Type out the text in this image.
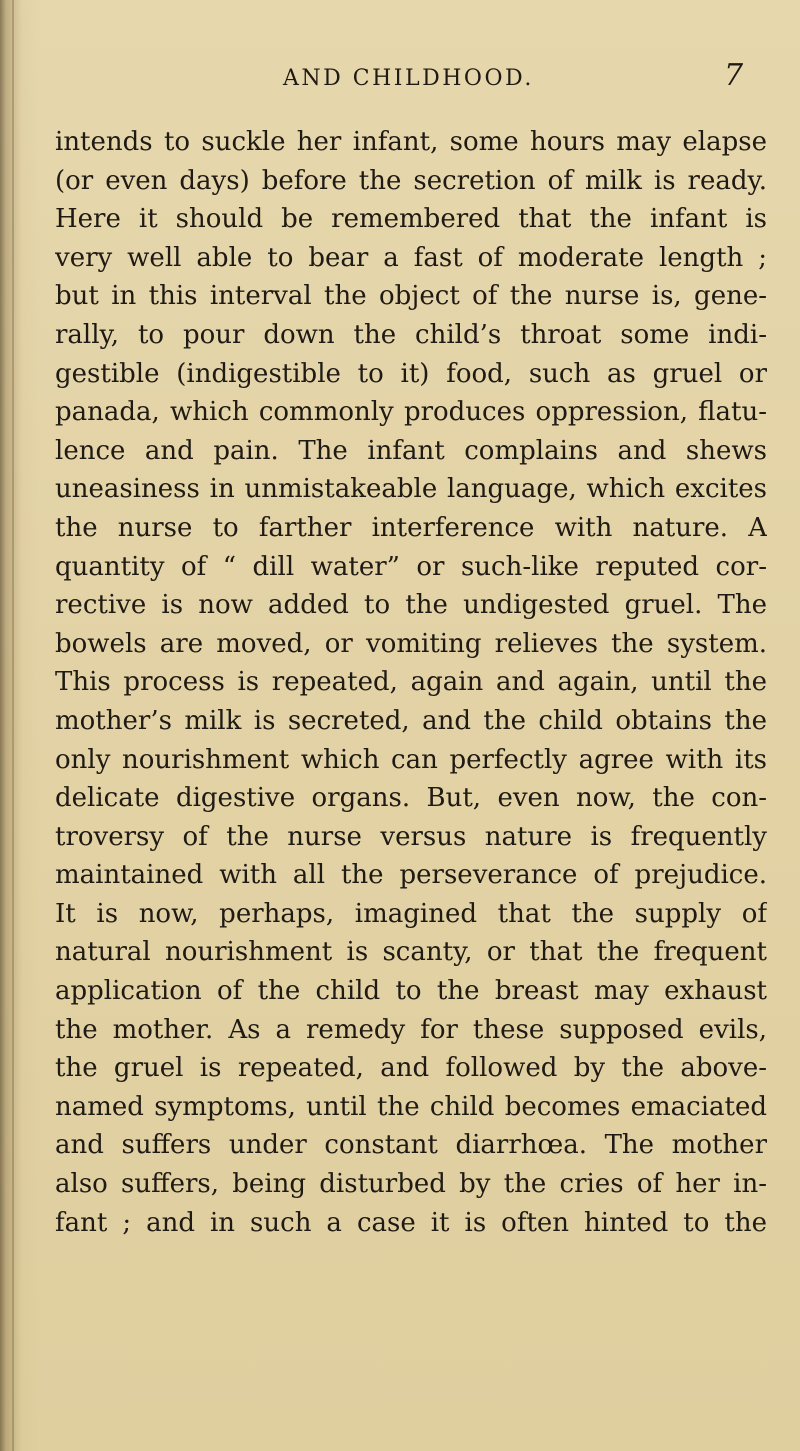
AND CHILDHOOD.	7
intends to suckle her infant, some hours may elapse
(or even days) before the secretion of milk is ready.
Here it should be remembered that the infant is
very well able to bear a fast of moderate length ;
but in this interval the object of the nurse is, gene-
rally, to pour down the child’s throat some indi-
gestible (indigestible to it) food, such as gruel or
panada, which commonly produces oppression, flatu-
lence and pain. The infant complains and shews
uneasiness in unmistakeable language, which excites
the nurse to farther interference with nature. A
quantity of “ dill water” or such-like reputed cor-
rective is now added to the undigested gruel. The
bowels are moved, or vomiting relieves the system.
This process is repeated, again and again, until the
mother’s milk is secreted, and the child obtains the
only nourishment which can perfectly agree with its
delicate digestive organs. But, even now, the con-
troversy of the nurse versus nature is frequently
maintained with all the perseverance of prejudice.
It is now, perhaps, imagined that the supply of
natural nourishment is scanty, or that the frequent
application of the child to the breast may exhaust
the mother. As a remedy for these supposed evils,
the gruel is repeated, and followed by the above-
named symptoms, until the child becomes emaciated
and suffers under constant diarrhœa. The mother
also suffers, being disturbed by the cries of her in-
fant ; and in such a case it is often hinted to the
